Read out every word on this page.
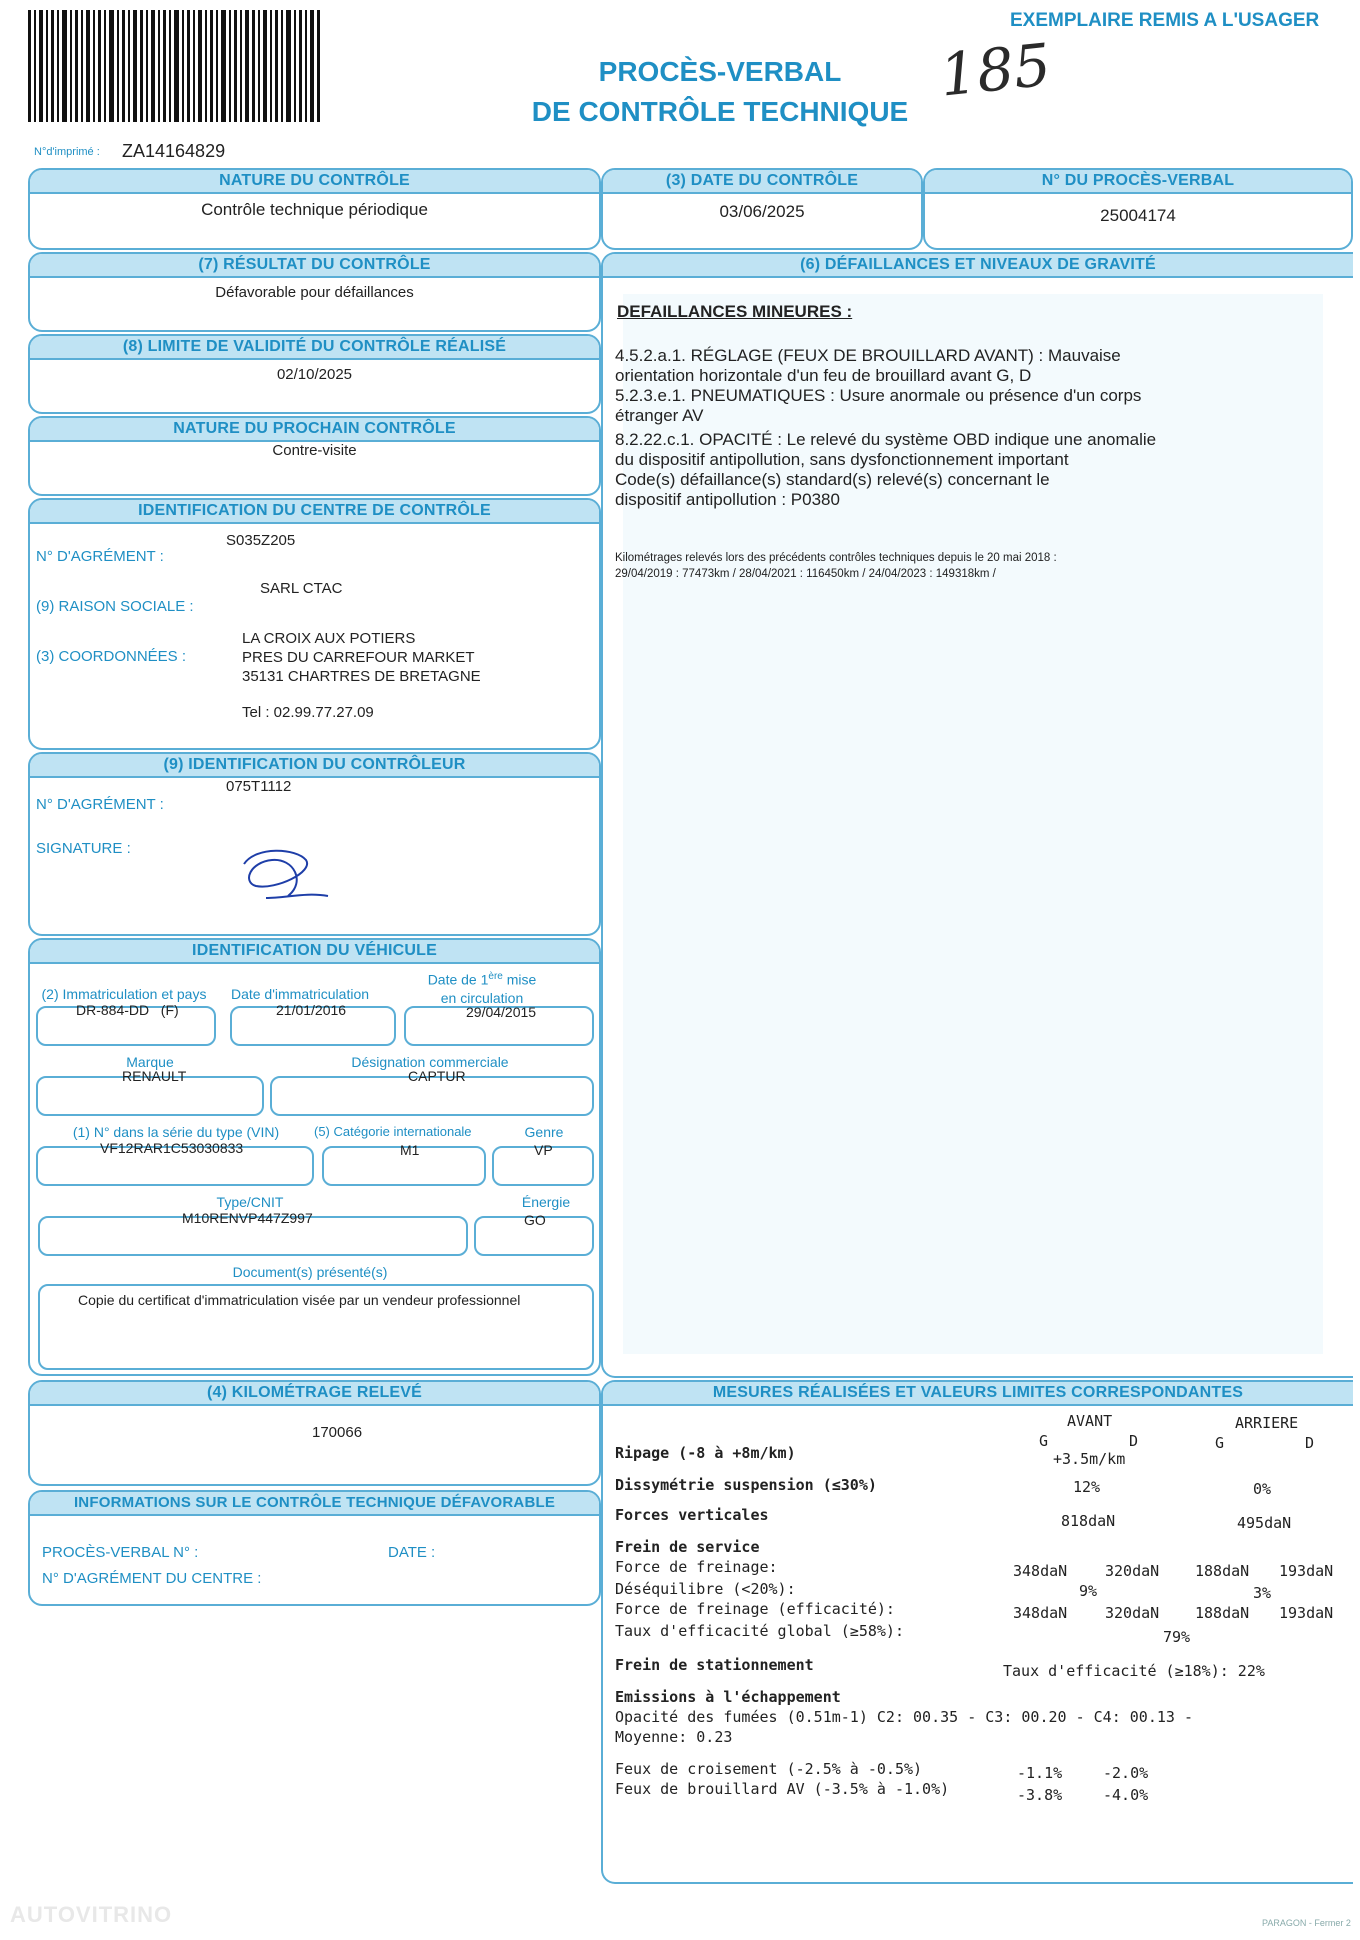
EXEMPLAIRE REMIS A L'USAGER
PROCÈS-VERBAL
DE CONTRÔLE TECHNIQUE
185
N°d'imprimé : ZA14164829
NATURE DU CONTRÔLE
Contrôle technique périodique
(3) DATE DU CONTRÔLE
03/06/2025
N° DU PROCÈS-VERBAL
25004174
(7) RÉSULTAT DU CONTRÔLE
Défavorable pour défaillances
(8) LIMITE DE VALIDITÉ DU CONTRÔLE RÉALISÉ
02/10/2025
NATURE DU PROCHAIN CONTRÔLE
Contre-visite
IDENTIFICATION DU CENTRE DE CONTRÔLE
S035Z205
N° D'AGRÉMENT :
SARL CTAC
(9) RAISON SOCIALE :
LA CROIX AUX POTIERS
(3) COORDONNÉES :	PRES DU CARREFOUR MARKET
35131 CHARTRES DE BRETAGNE
Tel : 02.99.77.27.09
(9) IDENTIFICATION DU CONTRÔLEUR
075T1112
N° D'AGRÉMENT :
SIGNATURE :
IDENTIFICATION DU VÉHICULE
(2) Immatriculation et pays	Date d'immatriculation
Date de 1ère mise
en circulation
DR-884-DD   (F)	21/01/2016	29/04/2015
Marque	Désignation commerciale
RENAULT	CAPTUR
(1) N° dans la série du type (VIN)	(5) Catégorie internationale	Genre
VF12RAR1C53030833	M1	VP
Type/CNIT	Énergie
M10RENVP447Z997	GO
Document(s) présenté(s)
Copie du certificat d'immatriculation visée par un vendeur professionnel
(4) KILOMÉTRAGE RELEVÉ
170066
INFORMATIONS SUR LE CONTRÔLE TECHNIQUE DÉFAVORABLE
PROCÈS-VERBAL N° :	DATE :
N° D'AGRÉMENT DU CENTRE :
(6) DÉFAILLANCES ET NIVEAUX DE GRAVITÉ
DEFAILLANCES MINEURES :
4.5.2.a.1. RÉGLAGE (FEUX DE BROUILLARD AVANT) : Mauvaise
orientation horizontale d'un feu de brouillard avant G, D
5.2.3.e.1. PNEUMATIQUES : Usure anormale ou présence d'un corps
étranger AV
8.2.22.c.1. OPACITÉ : Le relevé du système OBD indique une anomalie
du dispositif antipollution, sans dysfonctionnement important
Code(s) défaillance(s) standard(s) relevé(s) concernant le
dispositif antipollution : P0380
Kilométrages relevés lors des précédents contrôles techniques depuis le 20 mai 2018 :
29/04/2019 : 77473km / 28/04/2021 : 116450km / 24/04/2023 : 149318km /
MESURES RÉALISÉES ET VALEURS LIMITES CORRESPONDANTES
AVANT	ARRIERE
G	D	G	D
Ripage (-8 à +8m/km)	+3.5m/km
Dissymétrie suspension (≤30%)	12%	0%
Forces verticales	818daN	495daN
Frein de service
Force de freinage:	348daN	320daN 188daN 193daN
Déséquilibre (<20%):	9%	3%
Force de freinage (efficacité):	348daN	320daN 188daN 193daN
Taux d'efficacité global (≥58%):	79%
Frein de stationnement	Taux d'efficacité (≥18%): 22%
Emissions à l'échappement
Opacité des fumées (0.51m-1) C2: 00.35 - C3: 00.20 - C4: 00.13 -
Moyenne: 0.23
Feux de croisement (-2.5% à -0.5%)	-1.1%	-2.0%
Feux de brouillard AV (-3.5% à -1.0%)	-3.8%	-4.0%
AUTOVITRINO	PARAGON - Fermer 2
